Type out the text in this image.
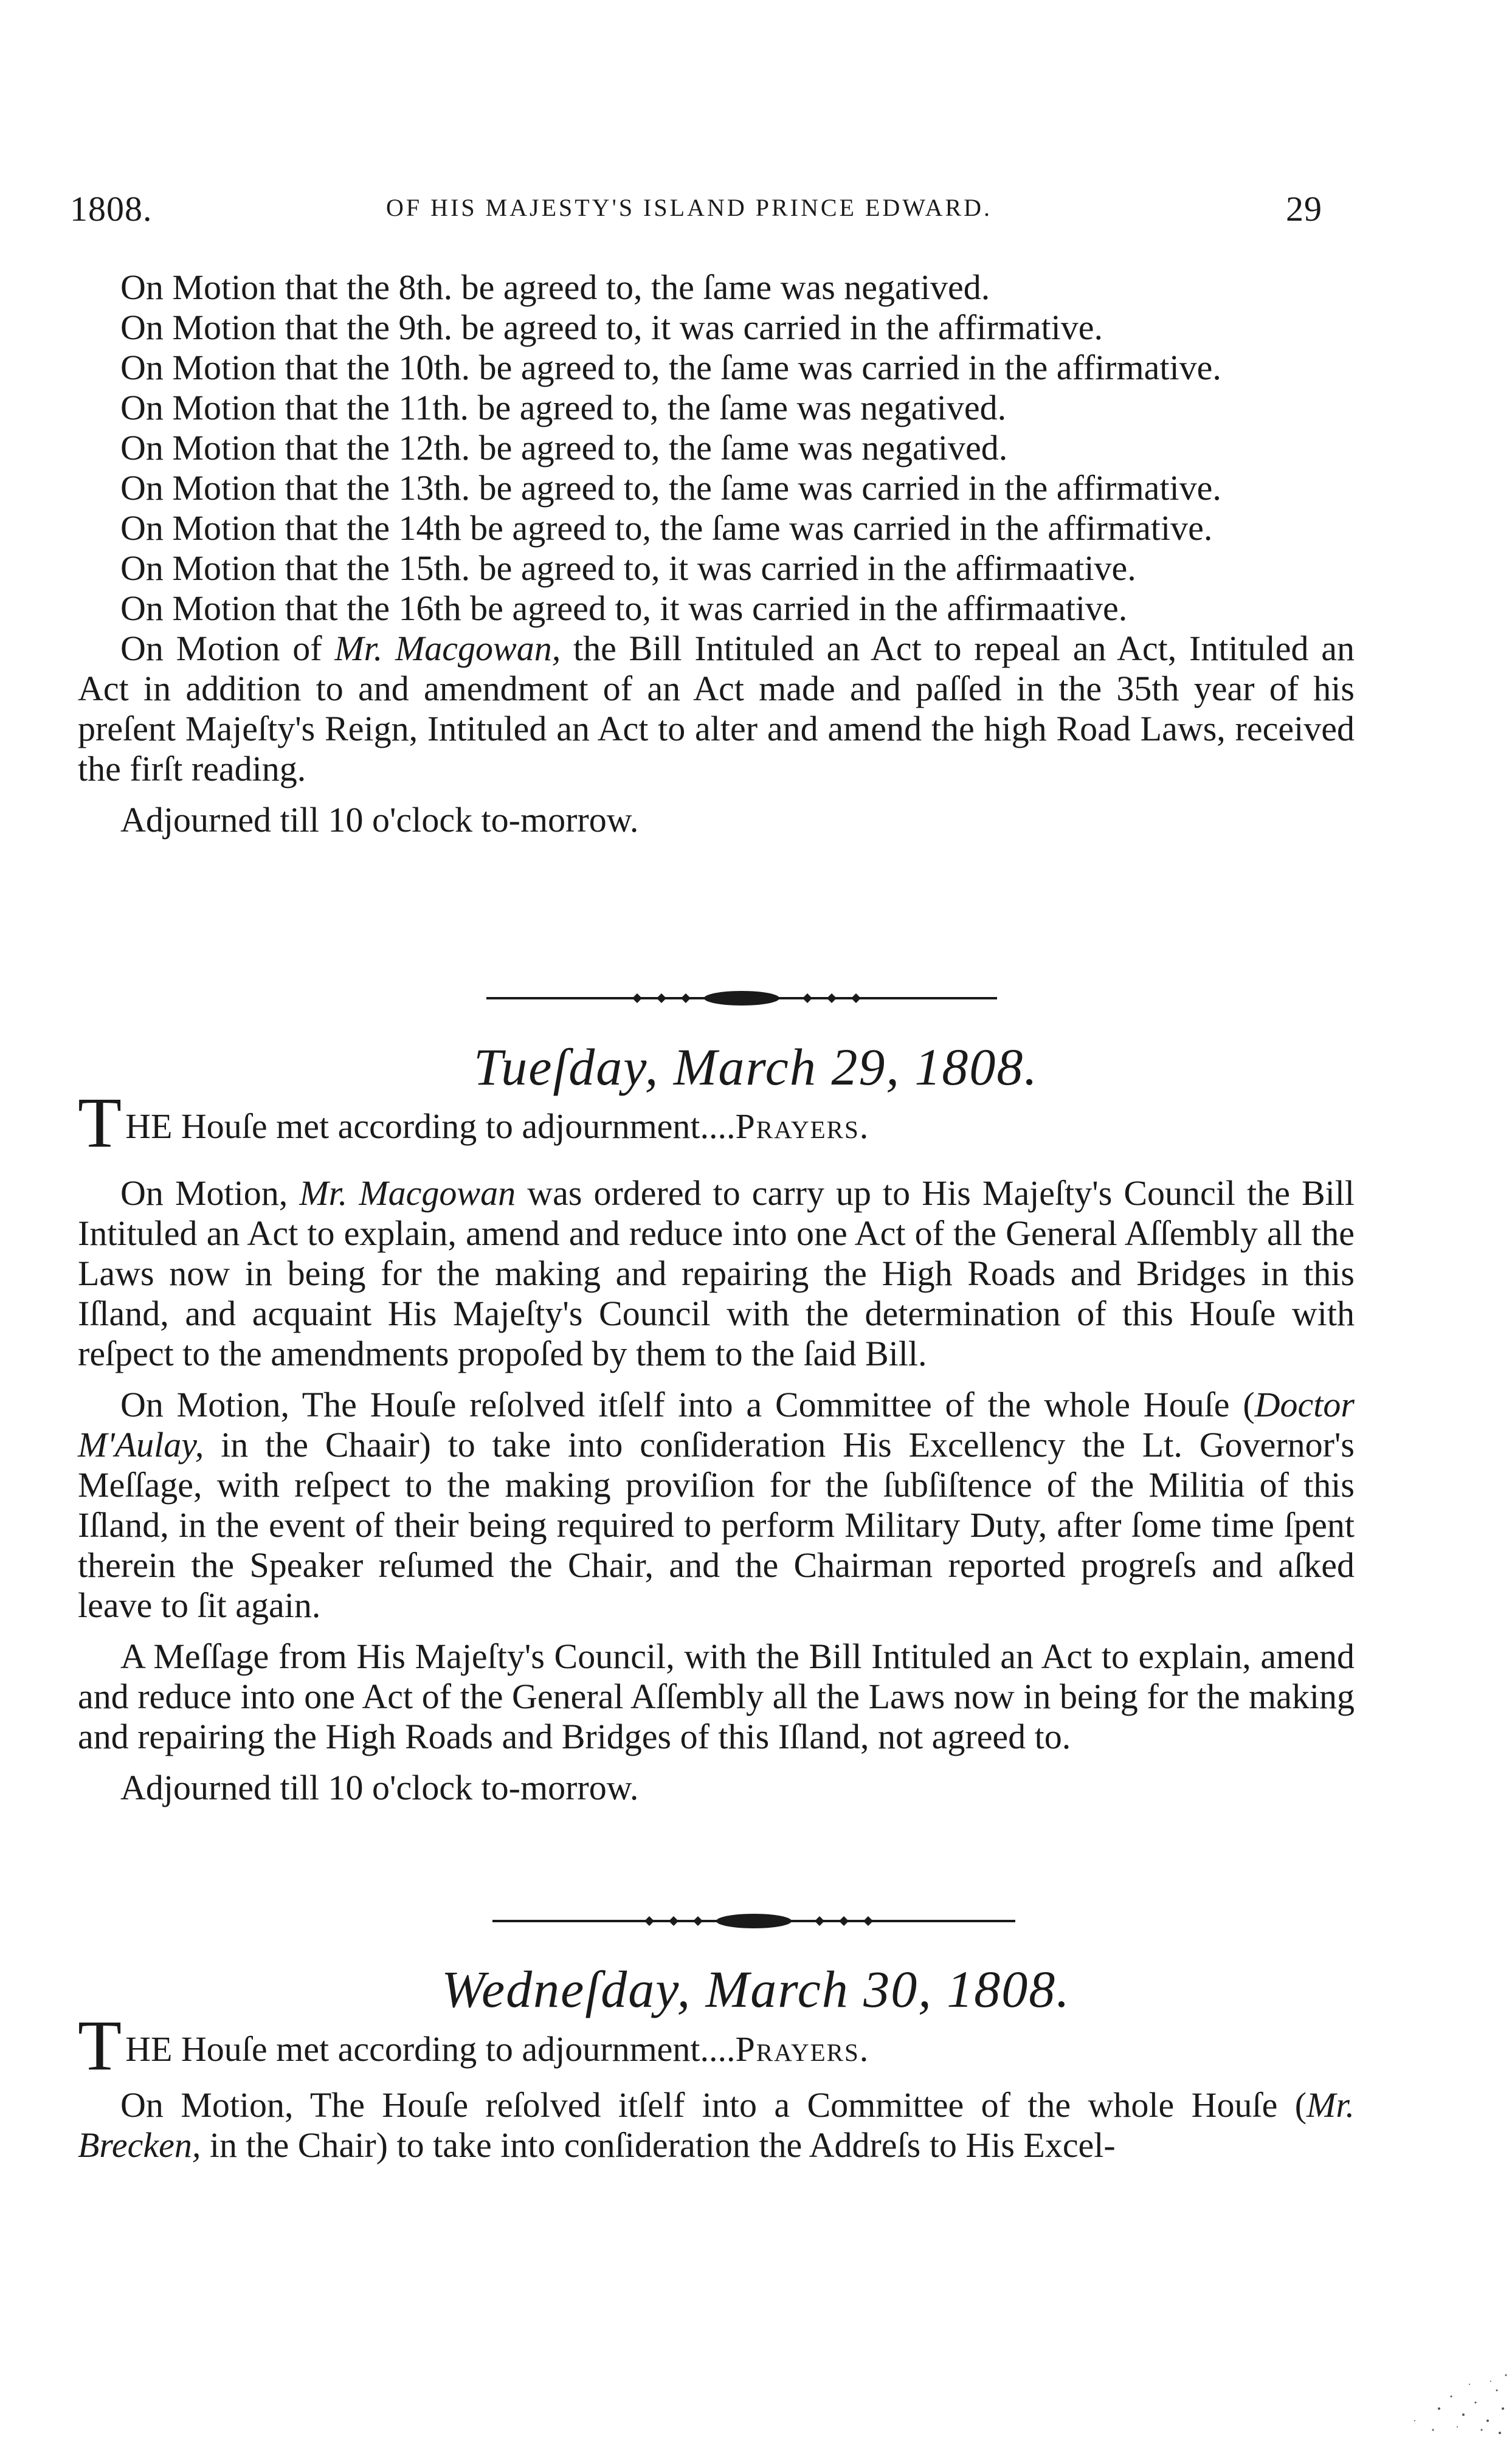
1808.	OF HIS MAJESTY'S ISLAND PRINCE EDWARD.	29

On Motion that the 8th. be agreed to, the ſame was negatived.

On Motion that the 9th. be agreed to, it was carried in the affirmative.

On Motion that the 10th. be agreed to, the ſame was carried in the affirmative.

On Motion that the 11th. be agreed to, the ſame was negatived.

On Motion that the 12th. be agreed to, the ſame was negatived.

On Motion that the 13th. be agreed to, the ſame was carried in the affirmative.

On Motion that the 14th be agreed to, the ſame was carried in the affirmative.

On Motion that the 15th. be agreed to, it was carried in the affirmaative.

On Motion that the 16th be agreed to, it was carried in the affirmaative.

On Motion of Mr. Macgowan, the Bill Intituled an Act to repeal an Act, Intituled an Act in addition to and amendment of an Act made and paſſed in the 35th year of his preſent Majeſty's Reign, Intituled an Act to alter and amend the high Road Laws, received the firſt reading.

Adjourned till 10 o'clock to-morrow.

Tueſday, March 29, 1808.
T HE Houſe met according to adjournment....Prayers.

On Motion, Mr. Macgowan was ordered to carry up to His Majeſty's Council the Bill Intituled an Act to explain, amend and reduce into one Act of the General Aſſembly all the Laws now in being for the making and repairing the High Roads and Bridges in this Iſland, and acquaint His Majeſty's Council with the determination of this Houſe with reſpect to the amendments propoſed by them to the ſaid Bill.

On Motion, The Houſe reſolved itſelf into a Committee of the whole Houſe (Doctor M'Aulay, in the Chaair) to take into conſideration His Excellency the Lt. Governor's Meſſage, with reſpect to the making proviſion for the ſubſiſtence of the Militia of this Iſland, in the event of their being required to perform Military Duty, after ſome time ſpent therein the Speaker reſumed the Chair, and the Chairman reported progreſs and aſked leave to ſit again.

A Meſſage from His Majeſty's Council, with the Bill Intituled an Act to explain, amend and reduce into one Act of the General Aſſembly all the Laws now in being for the making and repairing the High Roads and Bridges of this Iſland, not agreed to.

Adjourned till 10 o'clock to-morrow.

Wedneſday, March 30, 1808.
T HE Houſe met according to adjournment....Prayers.

On Motion, The Houſe reſolved itſelf into a Committee of the whole Houſe (Mr. Brecken, in the Chair) to take into conſideration the Addreſs to His Excel-
